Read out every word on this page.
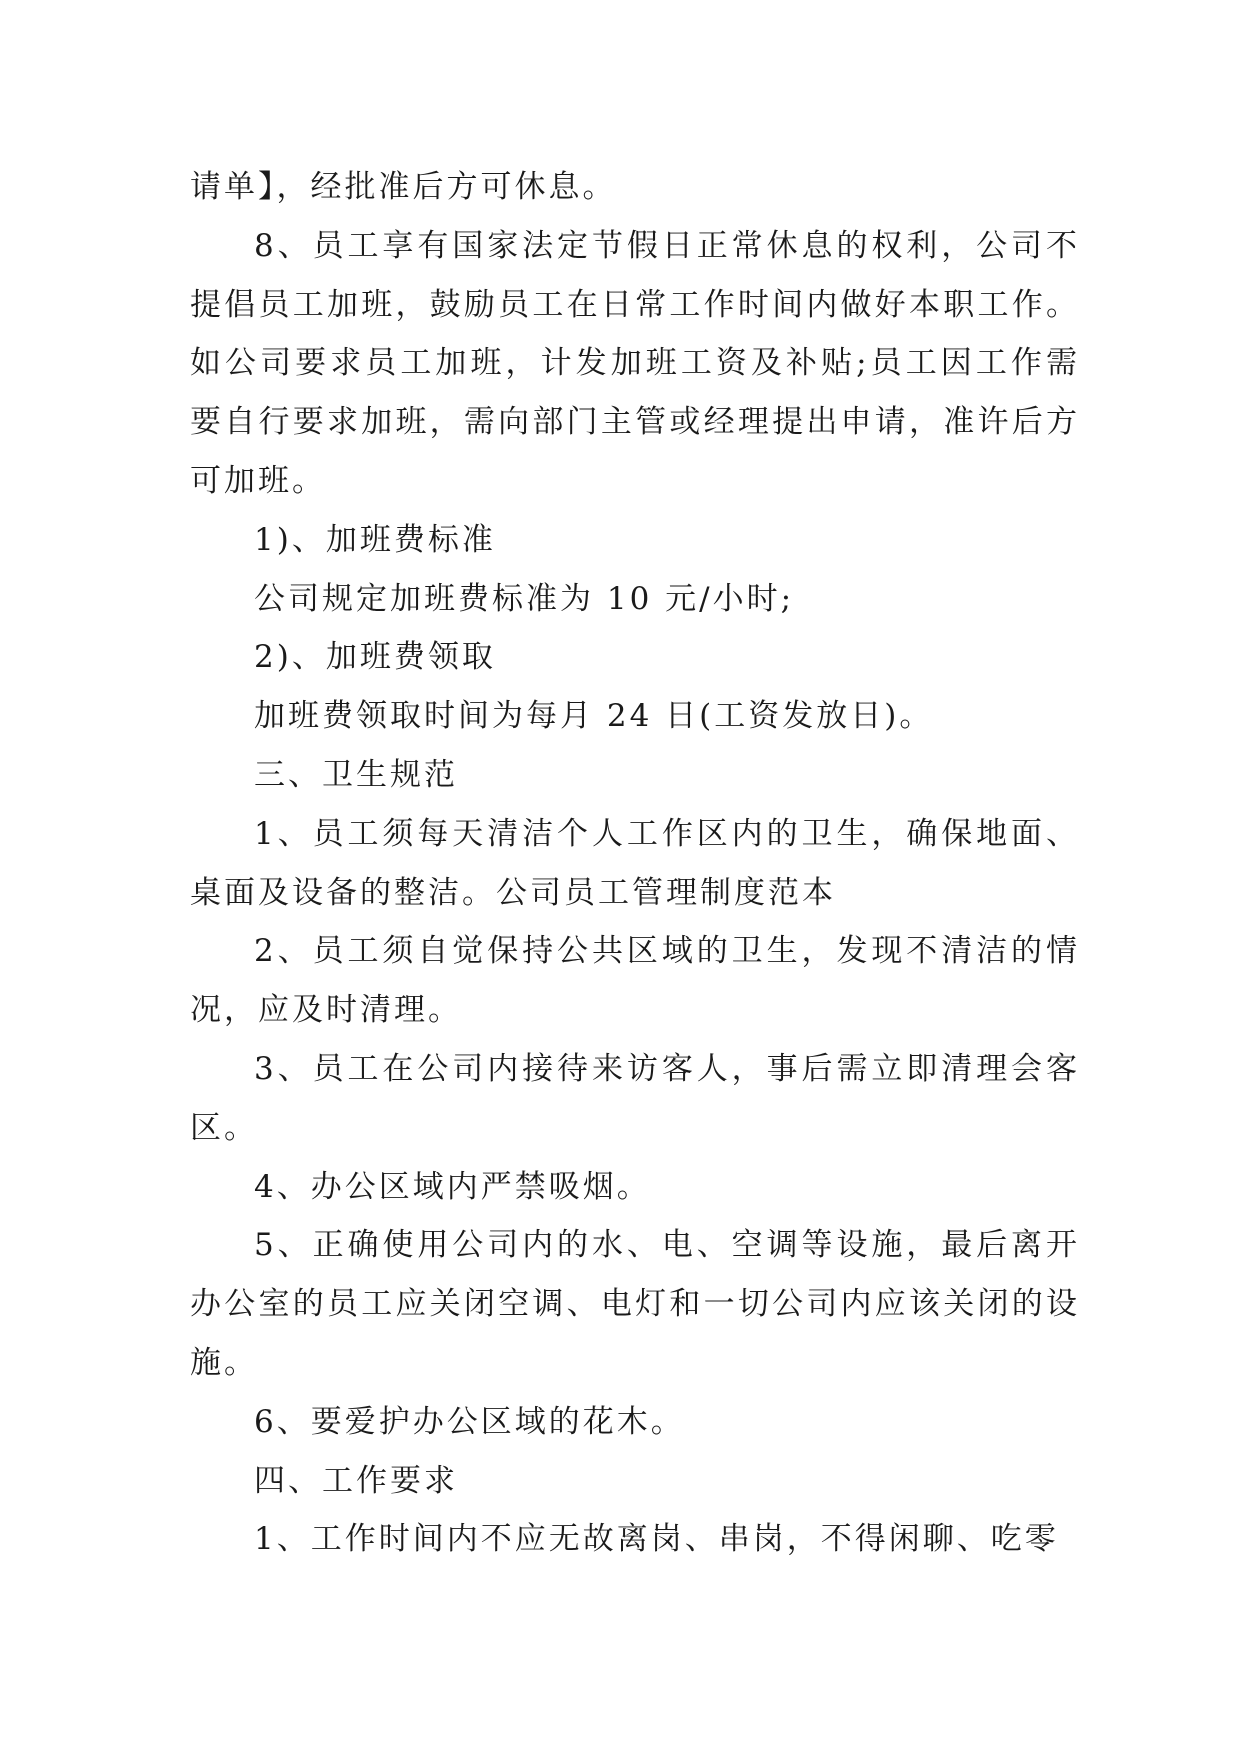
请单】，经批准后方可休息。

8、员工享有国家法定节假日正常休息的权利，公司不提倡员工加班，鼓励员工在日常工作时间内做好本职工作。如公司要求员工加班，计发加班工资及补贴;员工因工作需要自行要求加班，需向部门主管或经理提出申请，准许后方可加班。

1)、加班费标准

公司规定加班费标准为 10 元/小时;

2)、加班费领取

加班费领取时间为每月 24 日(工资发放日)。

三、卫生规范

1、员工须每天清洁个人工作区内的卫生，确保地面、桌面及设备的整洁。公司员工管理制度范本

2、员工须自觉保持公共区域的卫生，发现不清洁的情况，应及时清理。

3、员工在公司内接待来访客人，事后需立即清理会客区。

4、办公区域内严禁吸烟。

5、正确使用公司内的水、电、空调等设施，最后离开办公室的员工应关闭空调、电灯和一切公司内应该关闭的设施。

6、要爱护办公区域的花木。

四、工作要求

1、工作时间内不应无故离岗、串岗，不得闲聊、吃零
